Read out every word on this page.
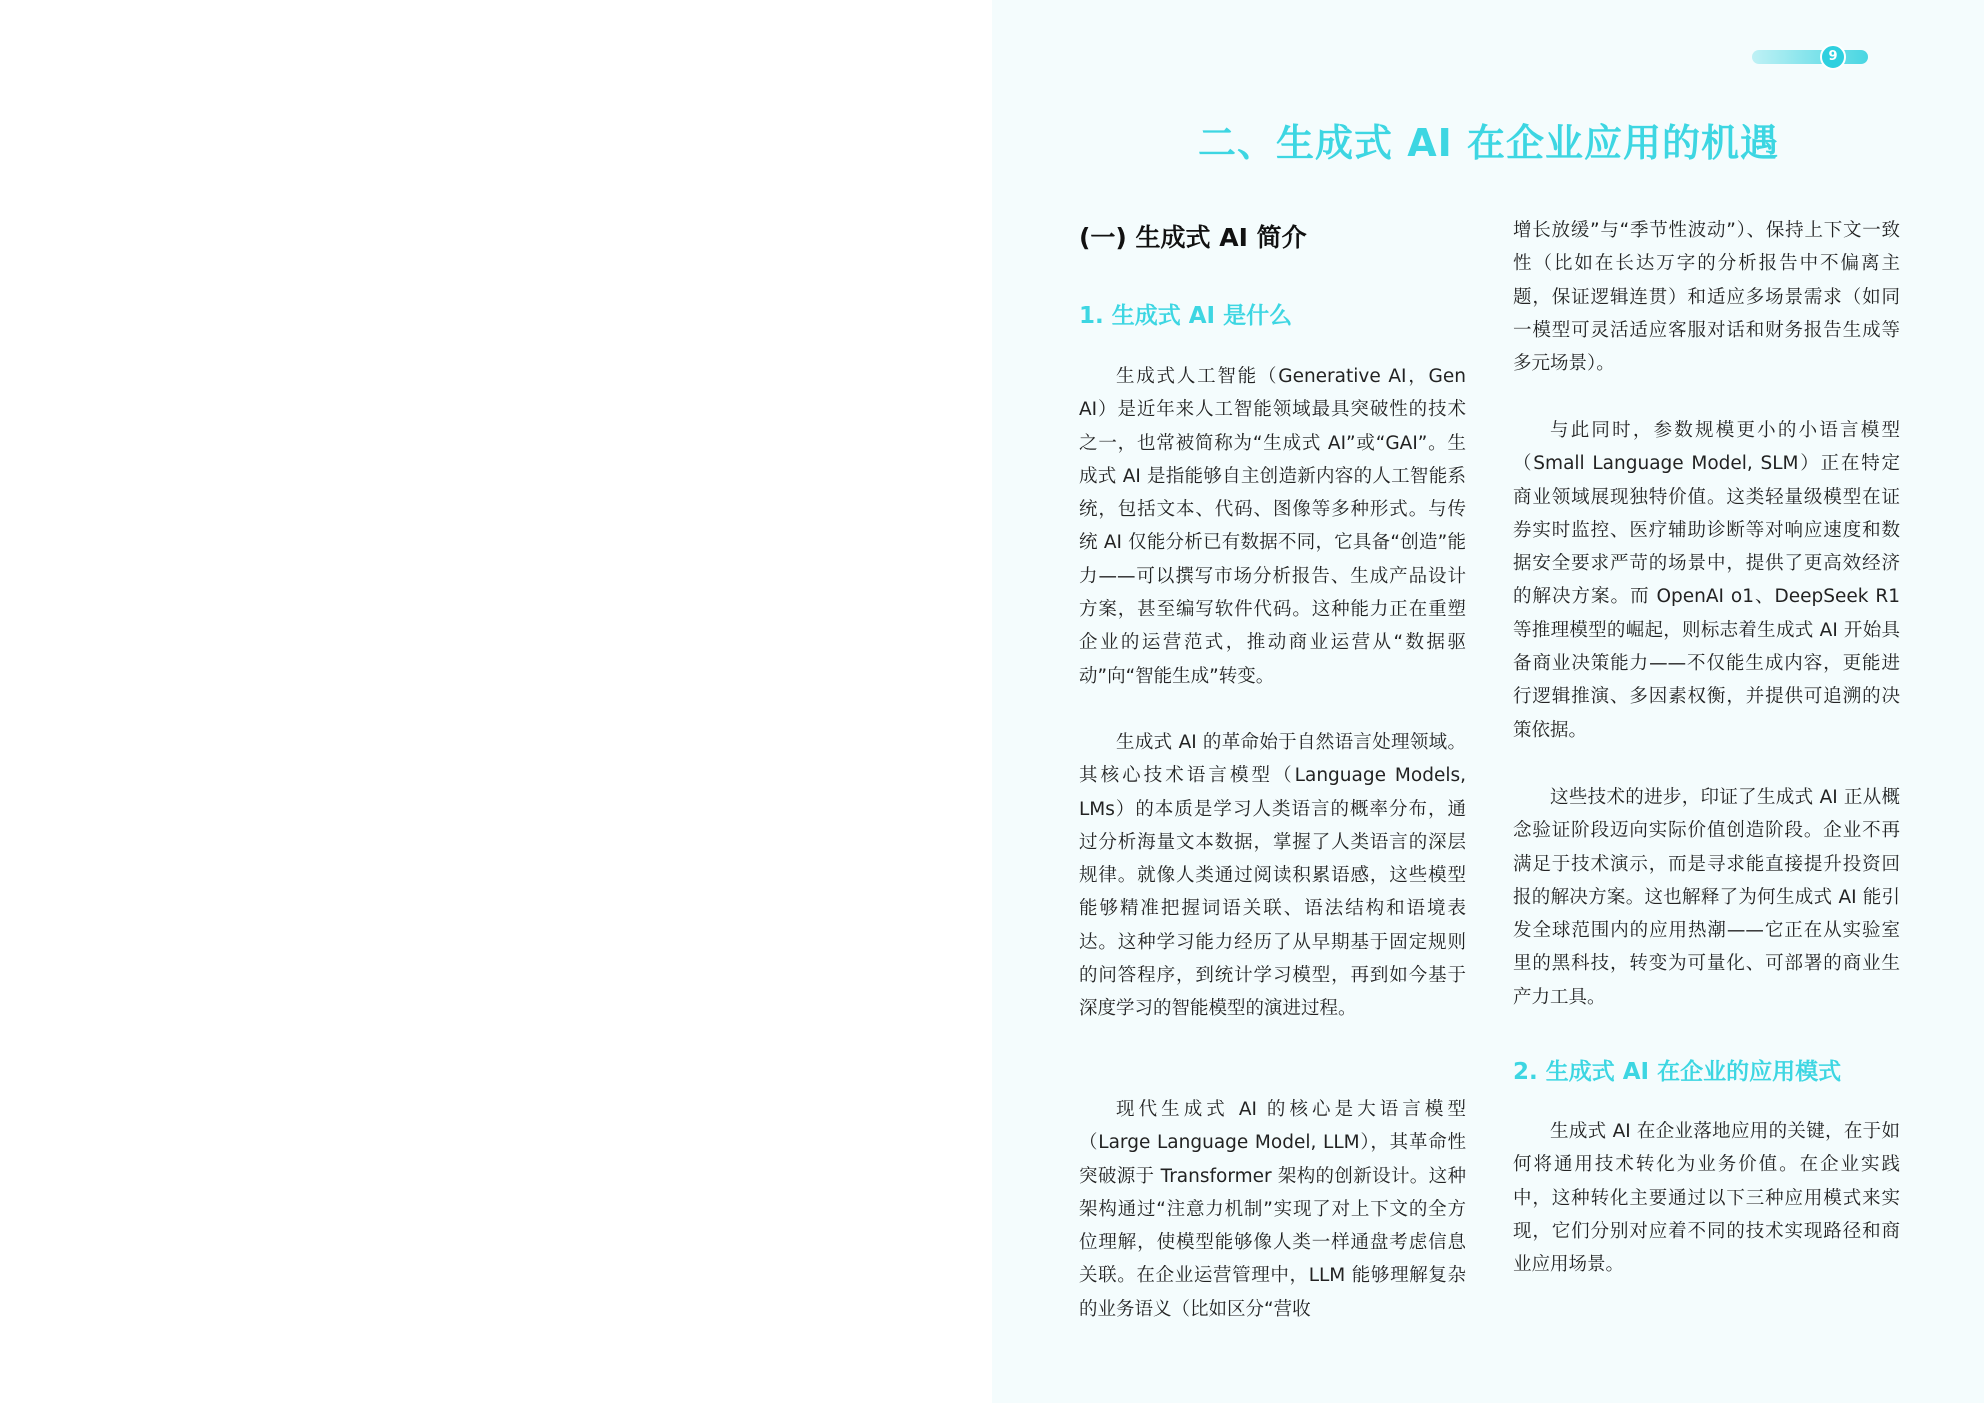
9
二、生成式 AI 在企业应用的机遇
(一) 生成式 AI 简介
1. 生成式 AI 是什么

生成式人工智能（Generative AI，Gen AI）是近年来人工智能领域最具突破性的技术之一，也常被简称为“生成式 AI”或“GAI”。生成式 AI 是指能够自主创造新内容的人工智能系统，包括文本、代码、图像等多种形式。与传统 AI 仅能分析已有数据不同，它具备“创造”能力——可以撰写市场分析报告、生成产品设计方案，甚至编写软件代码。这种能力正在重塑企业的运营范式，推动商业运营从“数据驱动”向“智能生成”转变。

生成式 AI 的革命始于自然语言处理领域。其核心技术语言模型（Language Models, LMs）的本质是学习人类语言的概率分布，通过分析海量文本数据，掌握了人类语言的深层规律。就像人类通过阅读积累语感，这些模型能够精准把握词语关联、语法结构和语境表达。这种学习能力经历了从早期基于固定规则的问答程序，到统计学习模型，再到如今基于深度学习的智能模型的演进过程。

现代生成式 AI 的核心是大语言模型（Large Language Model, LLM），其革命性突破源于 Transformer 架构的创新设计。这种架构通过“注意力机制”实现了对上下文的全方位理解，使模型能够像人类一样通盘考虑信息关联。在企业运营管理中，LLM 能够理解复杂的业务语义（比如区分“营收

增长放缓”与“季节性波动”）、保持上下文一致性（比如在长达万字的分析报告中不偏离主题，保证逻辑连贯）和适应多场景需求（如同一模型可灵活适应客服对话和财务报告生成等多元场景）。

与此同时，参数规模更小的小语言模型（Small Language Model, SLM）正在特定商业领域展现独特价值。这类轻量级模型在证券实时监控、医疗辅助诊断等对响应速度和数据安全要求严苛的场景中，提供了更高效经济的解决方案。而 OpenAI o1、DeepSeek R1 等推理模型的崛起，则标志着生成式 AI 开始具备商业决策能力——不仅能生成内容，更能进行逻辑推演、多因素权衡，并提供可追溯的决策依据。

这些技术的进步，印证了生成式 AI 正从概念验证阶段迈向实际价值创造阶段。企业不再满足于技术演示，而是寻求能直接提升投资回报的解决方案。这也解释了为何生成式 AI 能引发全球范围内的应用热潮——它正在从实验室里的黑科技，转变为可量化、可部署的商业生产力工具。

2. 生成式 AI 在企业的应用模式

生成式 AI 在企业落地应用的关键，在于如何将通用技术转化为业务价值。在企业实践中，这种转化主要通过以下三种应用模式来实现，它们分别对应着不同的技术实现路径和商业应用场景。
